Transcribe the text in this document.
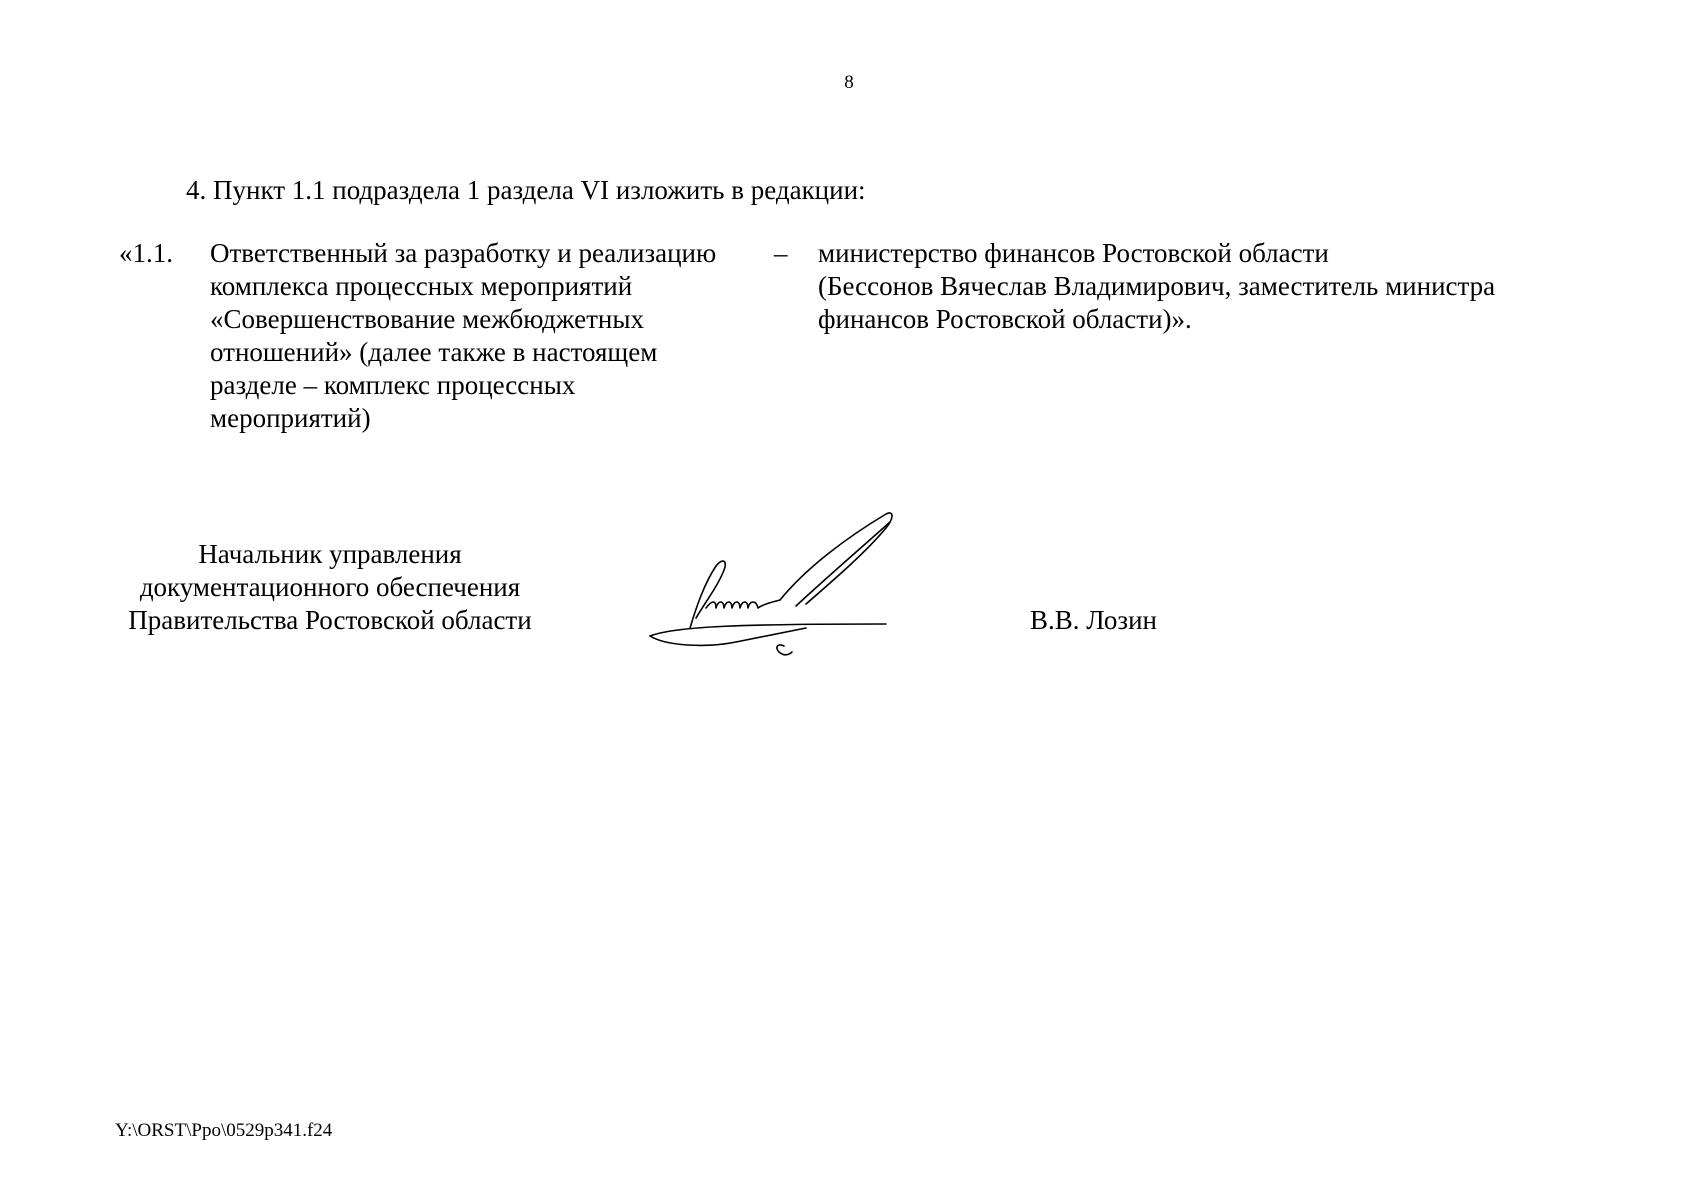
8
4. Пункт 1.1 подраздела 1 раздела VI изложить в редакции:
«1.1. Ответственный за разработку и реализацию
комплекса процессных мероприятий
«Совершенствование межбюджетных
отношений» (далее также в настоящем
разделе – комплекс процессных
мероприятий)
– министерство финансов Ростовской области
(Бессонов Вячеслав Владимирович, заместитель министра
финансов Ростовской области)».
Начальник управления
документационного обеспечения
Правительства Ростовской области	В.В. Лозин
Y:\ORST\Ppo\0529p341.f24
